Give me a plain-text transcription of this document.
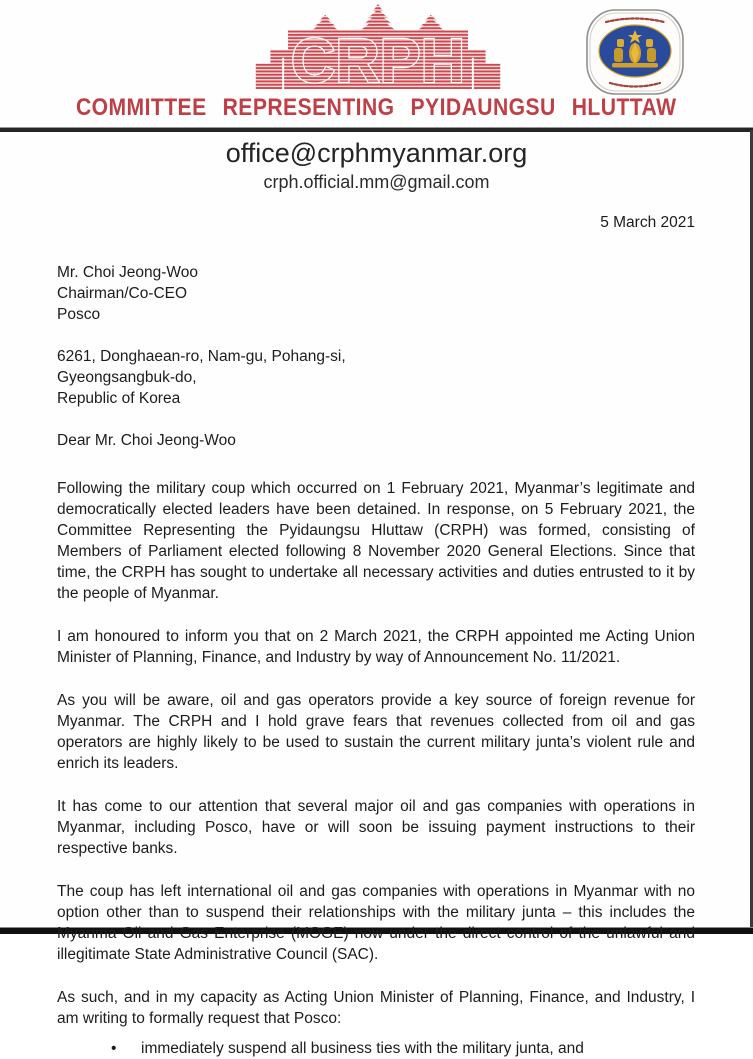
CRPH
COMMITTEE REPRESENTING PYIDAUNGSU HLUTTAW
office@crphmyanmar.org
crph.official.mm@gmail.com
5 March 2021
Mr. Choi Jeong-Woo
Chairman/Co-CEO
Posco
6261, Donghaean-ro, Nam-gu, Pohang-si,
Gyeongsangbuk-do,
Republic of Korea
Dear Mr. Choi Jeong-Woo

Following the military coup which occurred on 1 February 2021, Myanmar’s legitimate and democratically elected leaders have been detained. In response, on 5 February 2021, the Committee Representing the Pyidaungsu Hluttaw (CRPH) was formed, consisting of Members of Parliament elected following 8 November 2020 General Elections. Since that time, the CRPH has sought to undertake all necessary activities and duties entrusted to it by the people of Myanmar.

I am honoured to inform you that on 2 March 2021, the CRPH appointed me Acting Union Minister of Planning, Finance, and Industry by way of Announcement No. 11/2021.

As you will be aware, oil and gas operators provide a key source of foreign revenue for Myanmar. The CRPH and I hold grave fears that revenues collected from oil and gas operators are highly likely to be used to sustain the current military junta’s violent rule and enrich its leaders.

It has come to our attention that several major oil and gas companies with operations in Myanmar, including Posco, have or will soon be issuing payment instructions to their respective banks.

The coup has left international oil and gas companies with operations in Myanmar with no option other than to suspend their relationships with the military junta – this includes the Myanma Oil and Gas Enterprise (MOGE) now under the direct control of the unlawful and illegitimate State Administrative Council (SAC).

As such, and in my capacity as Acting Union Minister of Planning, Finance, and Industry, I am writing to formally request that Posco:

•	immediately suspend all business ties with the military junta, and
